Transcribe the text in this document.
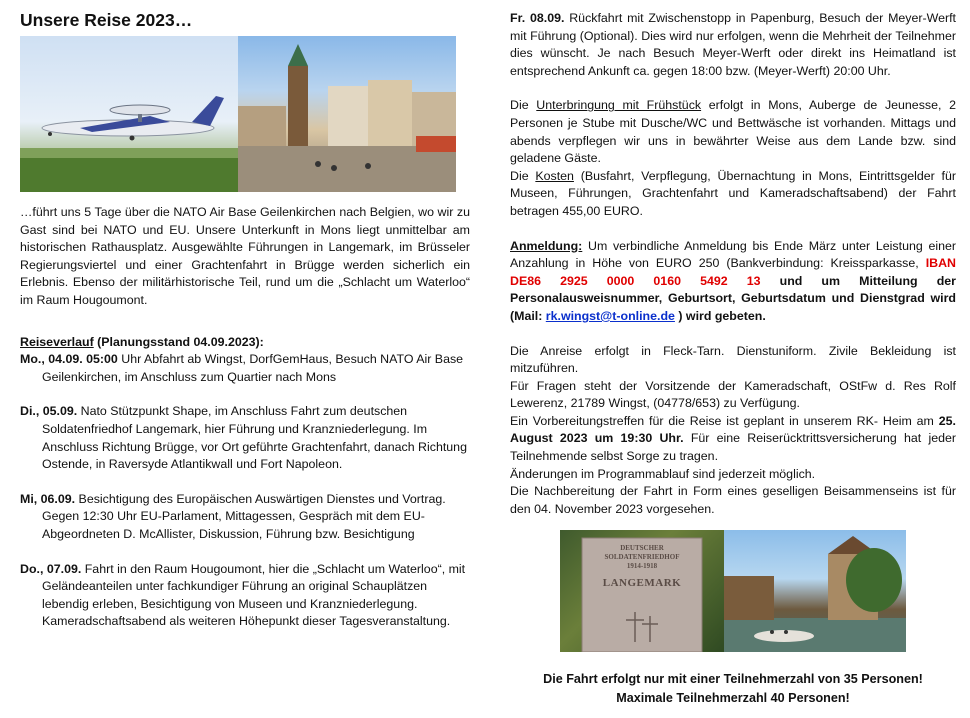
Unsere Reise 2023…

…führt uns 5 Tage über die NATO Air Base Geilenkirchen nach Belgien, wo wir zu Gast sind bei NATO und EU. Unsere Unterkunft in Mons liegt unmittelbar am historischen Rathausplatz. Ausgewählte Führungen in Langemark, im Brüsseler Regierungsviertel und einer Grachtenfahrt in Brügge werden sicherlich ein Erlebnis. Ebenso der militärhistorische Teil, rund um die „Schlacht um Waterloo“ im Raum Hougoumont.

Reiseverlauf (Planungsstand 04.09.2023):

Mo., 04.09. 05:00 Uhr Abfahrt ab Wingst, DorfGemHaus, Besuch NATO Air Base Geilenkirchen, im Anschluss zum Quartier nach Mons

Di., 05.09. Nato Stützpunkt Shape, im Anschluss Fahrt zum deutschen Soldatenfriedhof Langemark, hier Führung und Kranzniederlegung. Im Anschluss Richtung Brügge, vor Ort geführte Grachtenfahrt, danach Richtung Ostende, in Raversyde Atlantikwall und Fort Napoleon.

Mi, 06.09. Besichtigung des Europäischen Auswärtigen Dienstes und Vortrag. Gegen 12:30 Uhr EU-Parlament, Mittagessen, Gespräch mit dem EU-Abgeordneten D. McAllister, Diskussion, Führung bzw. Besichtigung

Do., 07.09. Fahrt in den Raum Hougoumont, hier die „Schlacht um Waterloo“, mit Geländeanteilen unter fachkundiger Führung an original Schauplätzen lebendig erleben, Besichtigung von Museen und Kranzniederlegung. Kameradschaftsabend als weiteren Höhepunkt dieser Tagesveranstaltung.

Fr. 08.09. Rückfahrt mit Zwischenstopp in Papenburg, Besuch der Meyer-Werft mit Führung (Optional). Dies wird nur erfolgen, wenn die Mehrheit der Teilnehmer dies wünscht. Je nach Besuch Meyer-Werft oder direkt ins Heimatland ist entsprechend Ankunft ca. gegen 18:00 bzw. (Meyer-Werft) 20:00 Uhr.

Die Unterbringung mit Frühstück erfolgt in Mons, Auberge de Jeunesse, 2 Personen je Stube mit Dusche/WC und Bettwäsche ist vorhanden. Mittags und abends verpflegen wir uns in bewährter Weise aus dem Lande bzw. sind geladene Gäste.

Die Kosten (Busfahrt, Verpflegung, Übernachtung in Mons, Eintrittsgelder für Museen, Führungen, Grachtenfahrt und Kameradschaftsabend) der Fahrt betragen 455,00 EURO.

Anmeldung: Um verbindliche Anmeldung bis Ende März unter Leistung einer Anzahlung in Höhe von EURO 250 (Bankverbindung: Kreissparkasse, IBAN DE86 2925 0000 0160 5492 13 und um Mitteilung der Personalausweisnummer, Geburtsort, Geburtsdatum und Dienstgrad wird (Mail: rk.wingst@t-online.de ) wird gebeten.

Die Anreise erfolgt in Fleck-Tarn. Dienstuniform. Zivile Bekleidung ist mitzuführen.

Für Fragen steht der Vorsitzende der Kameradschaft, OStFw d. Res Rolf Lewerenz, 21789 Wingst, (04778/653) zu Verfügung.

Ein Vorbereitungstreffen für die Reise ist geplant in unserem RK- Heim am 25. August 2023 um 19:30 Uhr. Für eine Reiserücktrittsversicherung hat jeder Teilnehmende selbst Sorge zu tragen.

Änderungen im Programmablauf sind jederzeit möglich.

Die Nachbereitung der Fahrt in Form eines geselligen Beisammenseins ist für den 04. November 2023 vorgesehen.

DEUTSCHER
SOLDATENFRIEDHOF
1914-1918
LANGEMARK
Die Fahrt erfolgt nur mit einer Teilnehmerzahl von 35 Personen!
Maximale Teilnehmerzahl 40 Personen!
